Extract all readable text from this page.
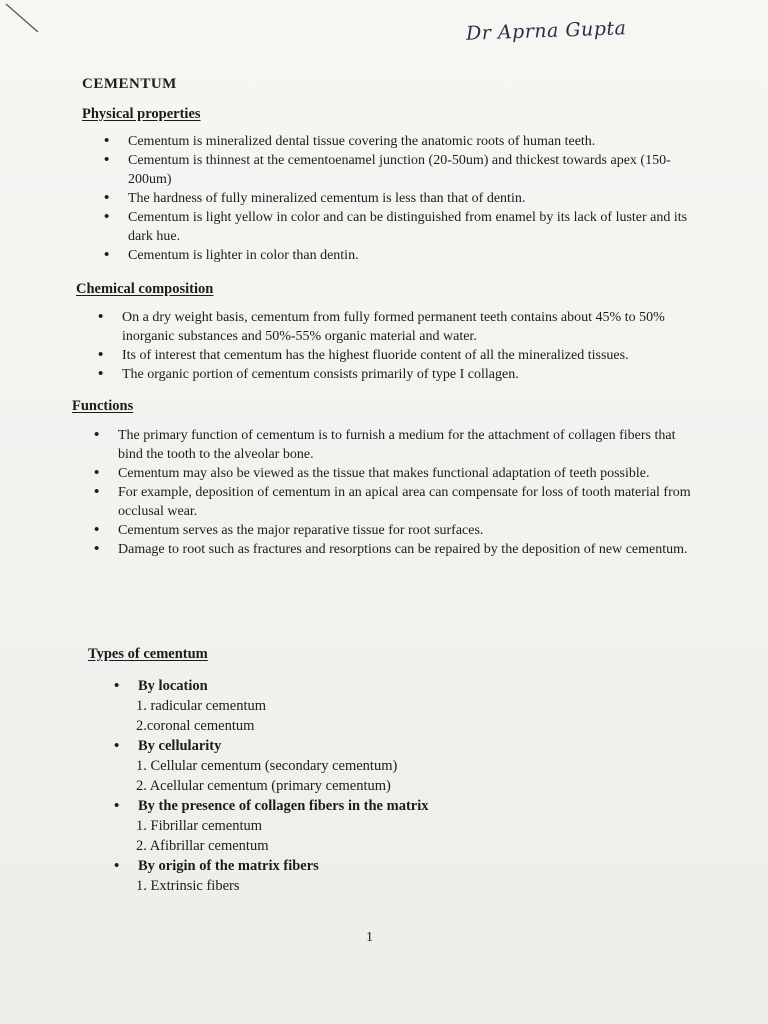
Dr Aprna Gupta
CEMENTUM
Physical properties
• Cementum is mineralized dental tissue covering the anatomic roots of human teeth.
• Cementum is thinnest at the cementoenamel junction (20-50um) and thickest towards apex (150-200um)
• The hardness of fully mineralized cementum is less than that of dentin.
• Cementum is light yellow in color and can be distinguished from enamel by its lack of luster and its dark hue.
• Cementum is lighter in color than dentin.
Chemical composition
• On a dry weight basis, cementum from fully formed permanent teeth contains about 45% to 50% inorganic substances and 50%-55% organic material and water.
• Its of interest that cementum has the highest fluoride content of all the mineralized tissues.
• The organic portion of cementum consists primarily of type I collagen.
Functions
• The primary function of cementum is to furnish a medium for the attachment of collagen fibers that bind the tooth to the alveolar bone.
• Cementum may also be viewed as the tissue that makes functional adaptation of teeth possible.
• For example, deposition of cementum in an apical area can compensate for loss of tooth material from occlusal wear.
• Cementum serves as the major reparative tissue for root surfaces.
• Damage to root such as fractures and resorptions can be repaired by the deposition of new cementum.
Types of cementum
• By location
1. radicular cementum
2.coronal cementum
• By cellularity
1. Cellular cementum (secondary cementum)
2. Acellular cementum (primary cementum)
• By the presence of collagen fibers in the matrix
1. Fibrillar cementum
2. Afibrillar cementum
• By origin of the matrix fibers
1. Extrinsic fibers
1
